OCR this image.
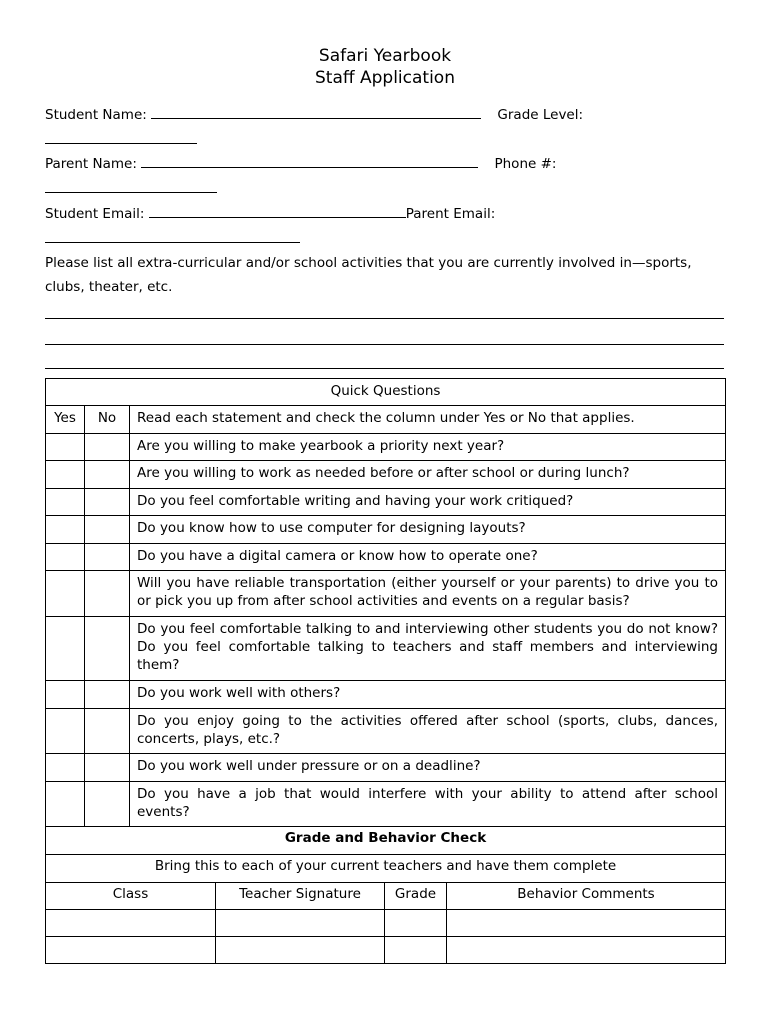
Safari Yearbook
Staff Application
Student Name:	Grade Level:
Parent Name:	Phone #:
Student Email:	Parent Email:
Please list all extra-curricular and/or school activities that you are currently involved in—sports, clubs, theater, etc.
Quick Questions		
Yes	No	Read each statement and check the column under Yes or No that applies.
		Are you willing to make yearbook a priority next year?
		Are you willing to work as needed before or after school or during lunch?
		Do you feel comfortable writing and having your work critiqued?
		Do you know how to use computer for designing layouts?
		Do you have a digital camera or know how to operate one?
		Will you have reliable transportation (either yourself or your parents) to drive you to or pick you up from after school activities and events on a regular basis?
		Do you feel comfortable talking to and interviewing other students you do not know? Do you feel comfortable talking to teachers and staff members and interviewing them?
		Do you work well with others?
		Do you enjoy going to the activities offered after school (sports, clubs, dances, concerts, plays, etc.?
		Do you work well under pressure or on a deadline?
		Do you have a job that would interfere with your ability to attend after school events?
Grade and Behavior Check			
Bring this to each of your current teachers and have them complete			
Class	Teacher Signature	Grade	Behavior Comments
